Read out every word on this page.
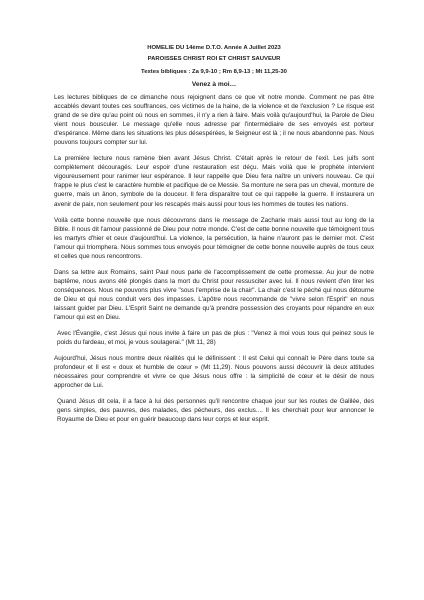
HOMELIE DU 14ème D.T.O. Année A Juillet 2023
PAROISSES CHRIST ROI ET CHRIST SAUVEUR
Textes bibliques : Za 9,9-10 ; Rm 8,9-13 ; Mt 11,25-30
Venez à moi…

Les lectures bibliques de ce dimanche nous rejoignent dans ce que vit notre monde. Comment ne pas être accablés devant toutes ces souffrances, ces victimes de la haine, de la violence et de l'exclusion ? Le risque est grand de se dire qu'au point où nous en sommes, il n'y a rien à faire. Mais voilà qu'aujourd'hui, la Parole de Dieu vient nous bousculer. Le message qu'elle nous adresse par l'intermédiaire de ses envoyés est porteur d'espérance. Même dans les situations les plus désespérées, le Seigneur est là ; il ne nous abandonne pas. Nous pouvons toujours compter sur lui.

La première lecture nous ramène bien avant Jésus Christ. C'était après le retour de l'exil. Les juifs sont complètement découragés. Leur espoir d'une restauration est déçu. Mais voilà que le prophète intervient vigoureusement pour ranimer leur espérance. Il leur rappelle que Dieu fera naître un univers nouveau. Ce qui frappe le plus c'est le caractère humble et pacifique de ce Messie. Sa monture ne sera pas un cheval, monture de guerre, mais un ânon, symbole de la douceur. Il fera disparaître tout ce qui rappelle la guerre. Il instaurera un avenir de paix, non seulement pour les rescapés mais aussi pour tous les hommes de toutes les nations.

Voilà cette bonne nouvelle que nous découvrons dans le message de Zacharie mais aussi tout au long de la Bible. Il nous dit l'amour passionné de Dieu pour notre monde. C'est de cette bonne nouvelle que témoignent tous les martyrs d'hier et ceux d'aujourd'hui. La violence, la persécution, la haine n'auront pas le dernier mot. C'est l'amour qui triomphera. Nous sommes tous envoyés pour témoigner de cette bonne nouvelle auprès de tous ceux et celles que nous rencontrons.

Dans sa lettre aux Romains, saint Paul nous parle de l'accomplissement de cette promesse. Au jour de notre baptême, nous avons été plongés dans la mort du Christ pour ressusciter avec lui. Il nous revient d'en tirer les conséquences. Nous ne pouvons plus vivre "sous l'emprise de la chair". La chair c'est le péché qui nous détourne de Dieu et qui nous conduit vers des impasses. L'apôtre nous recommande de "vivre selon l'Esprit" en nous laissant guider par Dieu. L'Esprit Saint ne demande qu'à prendre possession des croyants pour répandre en eux l'amour qui est en Dieu.

Avec l'Évangile, c'est Jésus qui nous invite à faire un pas de plus : "Venez à moi vous tous qui peinez sous le poids du fardeau, et moi, je vous soulagerai." (Mt 11, 28)

Aujourd'hui, Jésus nous montre deux réalités qui le définissent : Il est Celui qui connaît le Père dans toute sa profondeur et Il est « doux et humble de cœur » (Mt 11,29). Nous pouvons aussi découvrir là deux attitudes nécessaires pour comprendre et vivre ce que Jésus nous offre : la simplicité de cœur et le désir de nous approcher de Lui.

Quand Jésus dit cela, il a face à lui des personnes qu'il rencontre chaque jour sur les routes de Galilée, des gens simples, des pauvres, des malades, des pécheurs, des exclus.... Il les cherchait pour leur annoncer le Royaume de Dieu et pour en guérir beaucoup dans leur corps et leur esprit.
